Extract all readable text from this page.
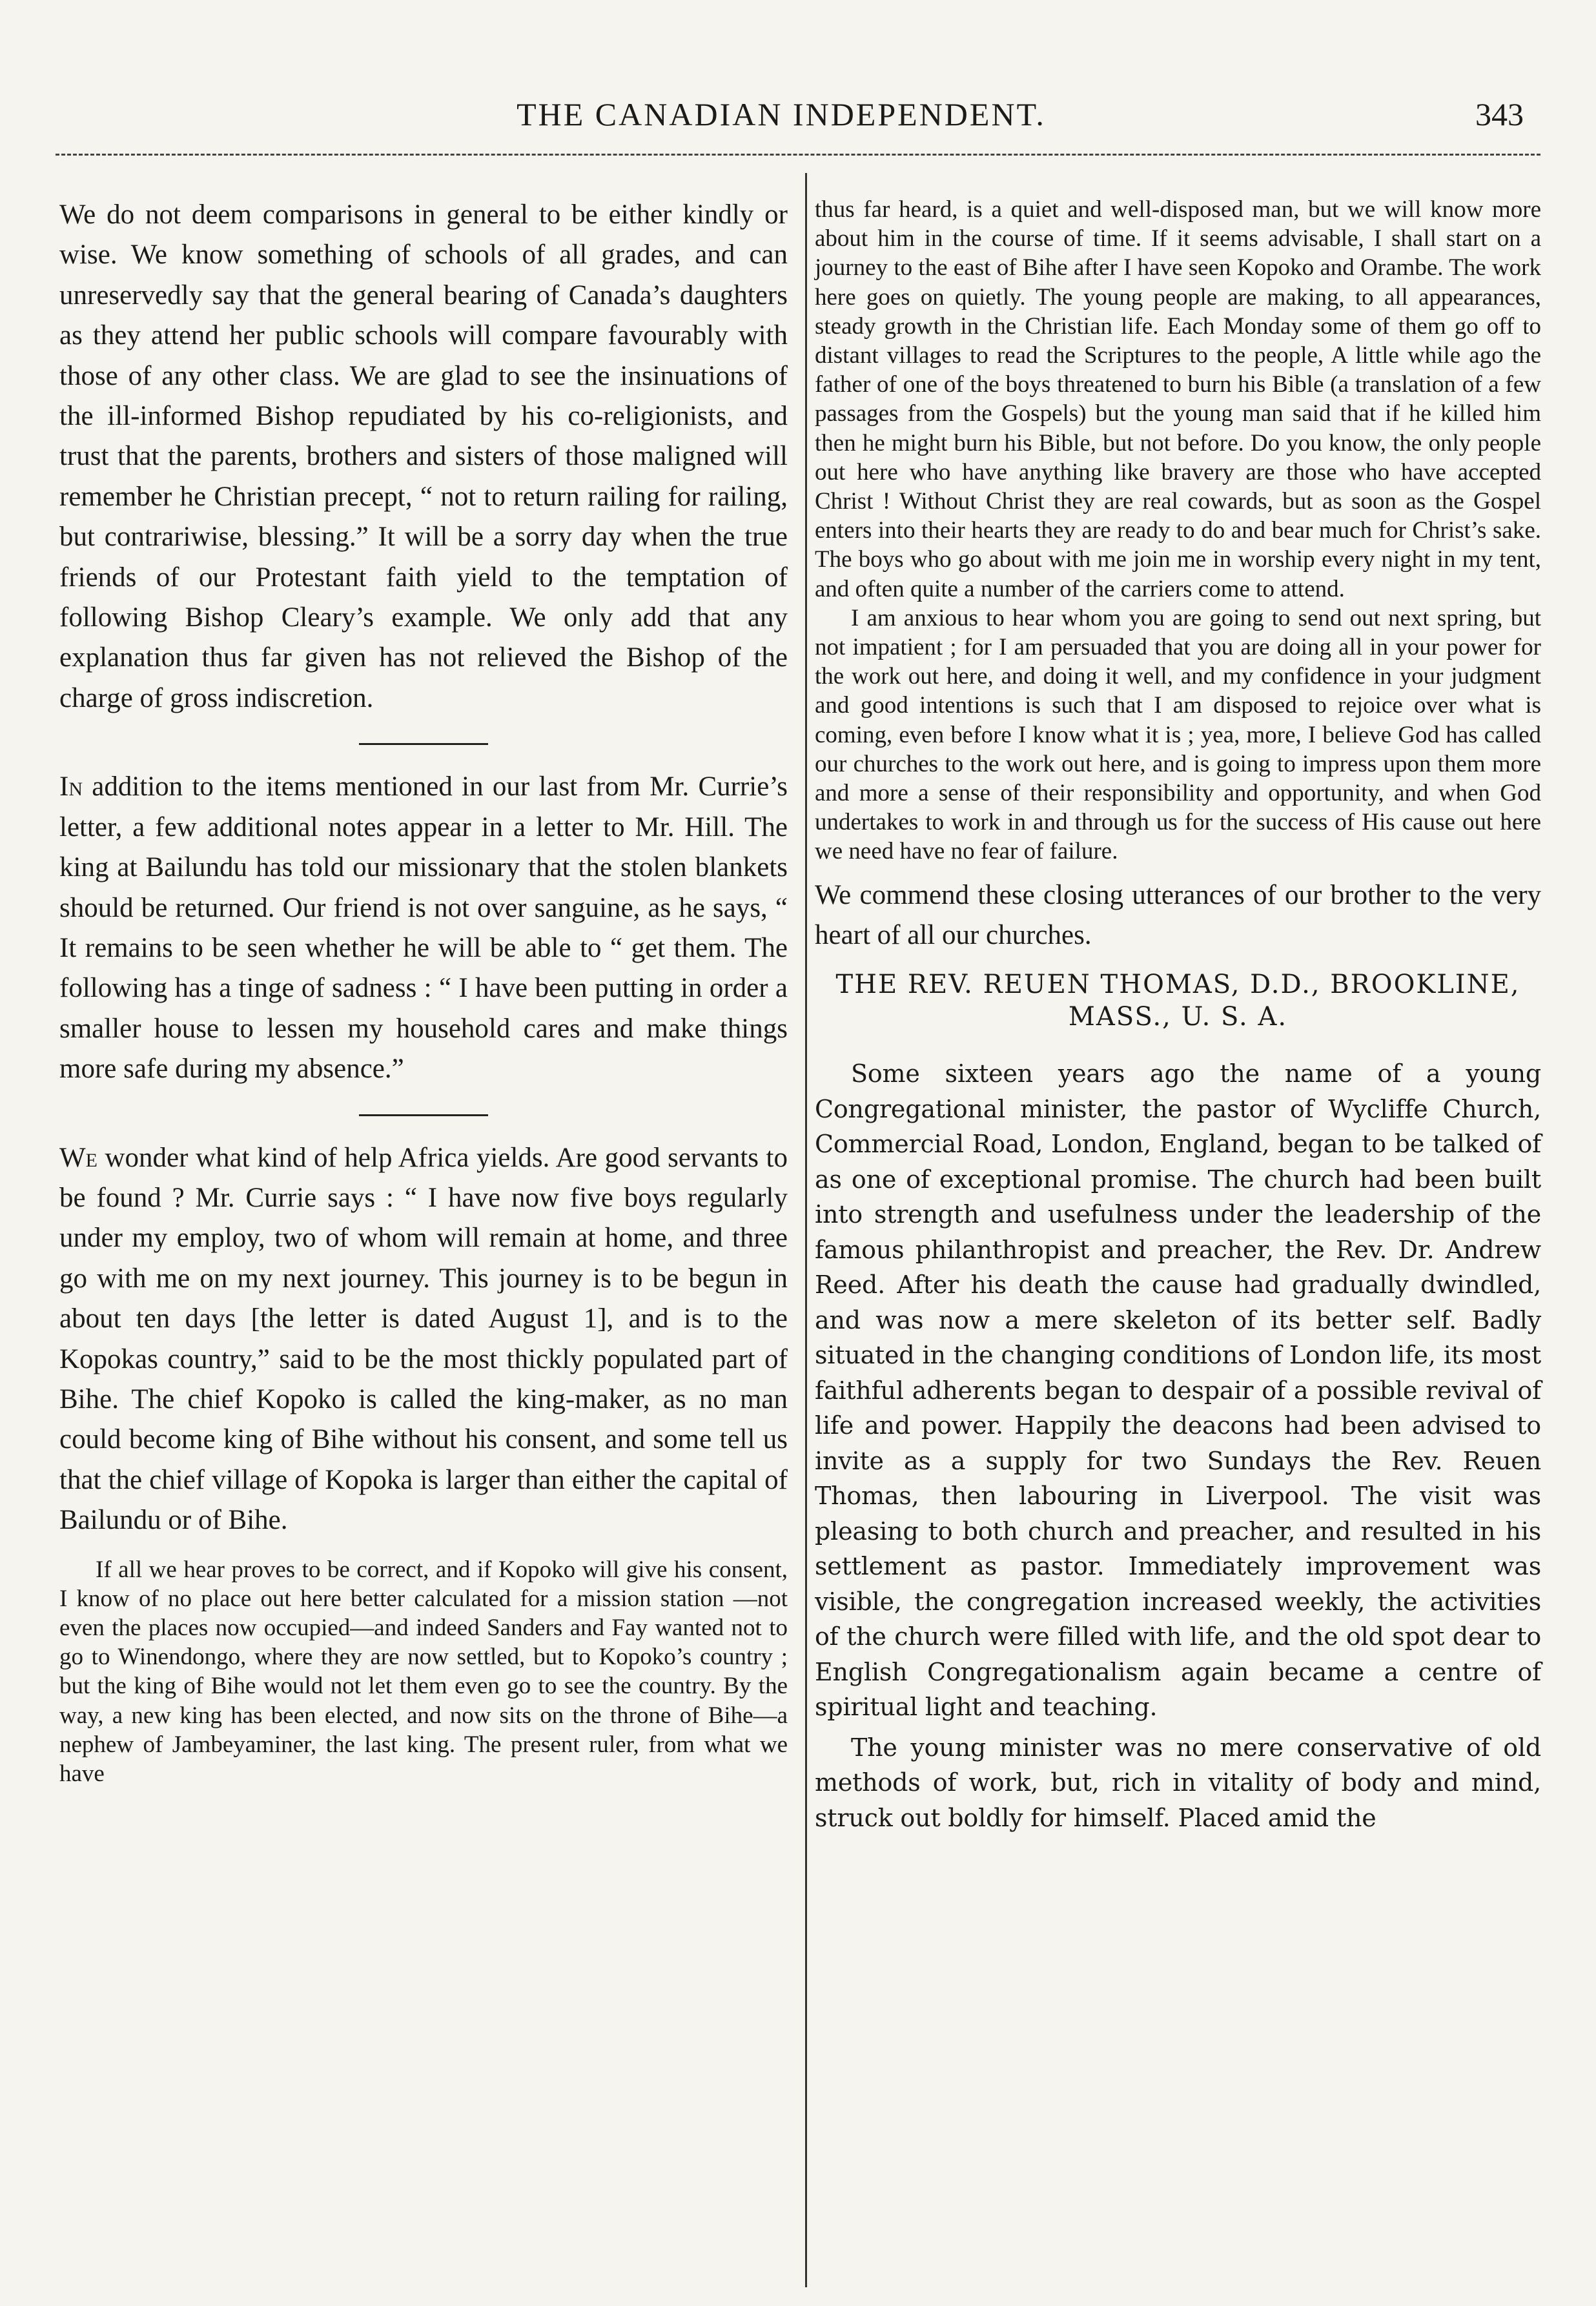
THE CANADIAN INDEPENDENT.	343

We do not deem comparisons in general to be either kindly or wise. We know something of schools of all grades, and can unreservedly say that the general bearing of Canada’s daughters as they attend her public schools will compare favourably with those of any other class. We are glad to see the insinuations of the ill-informed Bishop repudiated by his co-religionists, and trust that the parents, brothers and sisters of those maligned will remember he Christian precept, “ not to return railing for railing, but contrariwise, blessing.” It will be a sorry day when the true friends of our Protestant faith yield to the temptation of following Bishop Cleary’s example. We only add that any explanation thus far given has not relieved the Bishop of the charge of gross indiscretion.

In addition to the items mentioned in our last from Mr. Currie’s letter, a few additional notes appear in a letter to Mr. Hill. The king at Bailundu has told our missionary that the stolen blankets should be returned. Our friend is not over sanguine, as he says, “ It remains to be seen whether he will be able to “ get them. The following has a tinge of sadness : “ I have been putting in order a smaller house to lessen my household cares and make things more safe during my absence.”

We wonder what kind of help Africa yields. Are good servants to be found ? Mr. Currie says : “ I have now five boys regularly under my employ, two of whom will remain at home, and three go with me on my next journey. This journey is to be begun in about ten days [the letter is dated August 1], and is to the Kopokas country,” said to be the most thickly populated part of Bihe. The chief Kopoko is called the king-maker, as no man could become king of Bihe without his consent, and some tell us that the chief village of Kopoka is larger than either the capital of Bailundu or of Bihe.

If all we hear proves to be correct, and if Kopoko will give his consent, I know of no place out here better calculated for a mission station —not even the places now occupied—and indeed Sanders and Fay wanted not to go to Winendongo, where they are now settled, but to Kopoko’s country ; but the king of Bihe would not let them even go to see the country. By the way, a new king has been elected, and now sits on the throne of Bihe—a nephew of Jambeyaminer, the last king. The present ruler, from what we have

thus far heard, is a quiet and well-disposed man, but we will know more about him in the course of time. If it seems advisable, I shall start on a journey to the east of Bihe after I have seen Kopoko and Orambe. The work here goes on quietly. The young people are making, to all appearances, steady growth in the Christian life. Each Monday some of them go off to distant villages to read the Scriptures to the people, A little while ago the father of one of the boys threatened to burn his Bible (a translation of a few passages from the Gospels) but the young man said that if he killed him then he might burn his Bible, but not before. Do you know, the only people out here who have anything like bravery are those who have accepted Christ ! Without Christ they are real cowards, but as soon as the Gospel enters into their hearts they are ready to do and bear much for Christ’s sake. The boys who go about with me join me in worship every night in my tent, and often quite a number of the carriers come to attend.

I am anxious to hear whom you are going to send out next spring, but not impatient ; for I am persuaded that you are doing all in your power for the work out here, and doing it well, and my confidence in your judgment and good intentions is such that I am disposed to rejoice over what is coming, even before I know what it is ; yea, more, I believe God has called our churches to the work out here, and is going to impress upon them more and more a sense of their responsibility and opportunity, and when God undertakes to work in and through us for the success of His cause out here we need have no fear of failure.

We commend these closing utterances of our brother to the very heart of all our churches.

THE REV. REUEN THOMAS, D.D., BROOKLINE, MASS., U. S. A.

Some sixteen years ago the name of a young Congregational minister, the pastor of Wycliffe Church, Commercial Road, London, England, began to be talked of as one of exceptional promise. The church had been built into strength and usefulness under the leadership of the famous philanthropist and preacher, the Rev. Dr. Andrew Reed. After his death the cause had gradually dwindled, and was now a mere skeleton of its better self. Badly situated in the changing conditions of London life, its most faithful adherents began to despair of a possible revival of life and power. Happily the deacons had been advised to invite as a supply for two Sundays the Rev. Reuen Thomas, then labouring in Liverpool. The visit was pleasing to both church and preacher, and resulted in his settlement as pastor. Immediately improvement was visible, the congregation increased weekly, the activities of the church were filled with life, and the old spot dear to English Congregationalism again became a centre of spiritual light and teaching.

The young minister was no mere conservative of old methods of work, but, rich in vitality of body and mind, struck out boldly for himself. Placed amid the
